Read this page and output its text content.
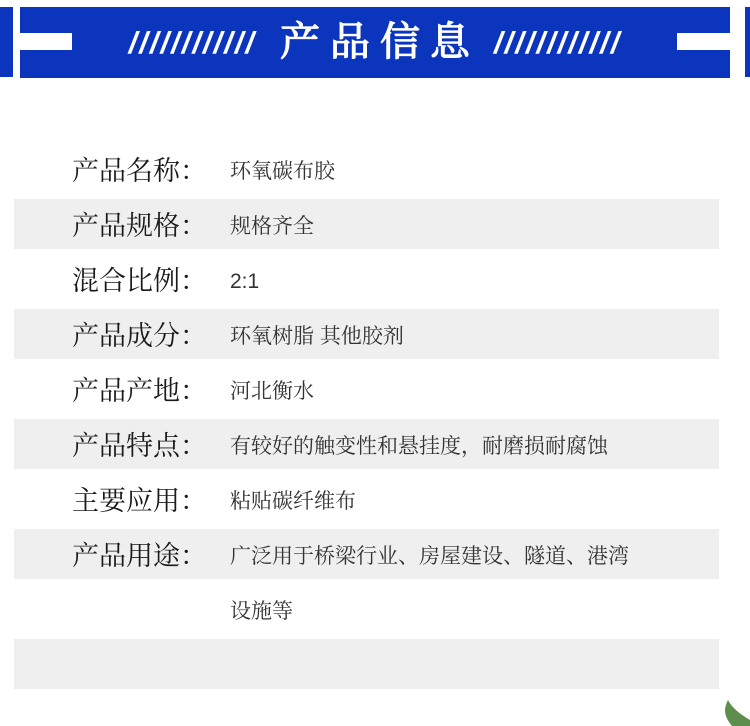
//////////// 产品信息 ////////////
产品名称：	环氧碳布胶
产品规格：	规格齐全
混合比例：	2:1
产品成分：	环氧树脂 其他胶剂
产品产地：	河北衡水
产品特点：	有较好的触变性和悬挂度，耐磨损耐腐蚀
主要应用：	粘贴碳纤维布
产品用途：	广泛用于桥梁行业、房屋建设、隧道、港湾设施等
